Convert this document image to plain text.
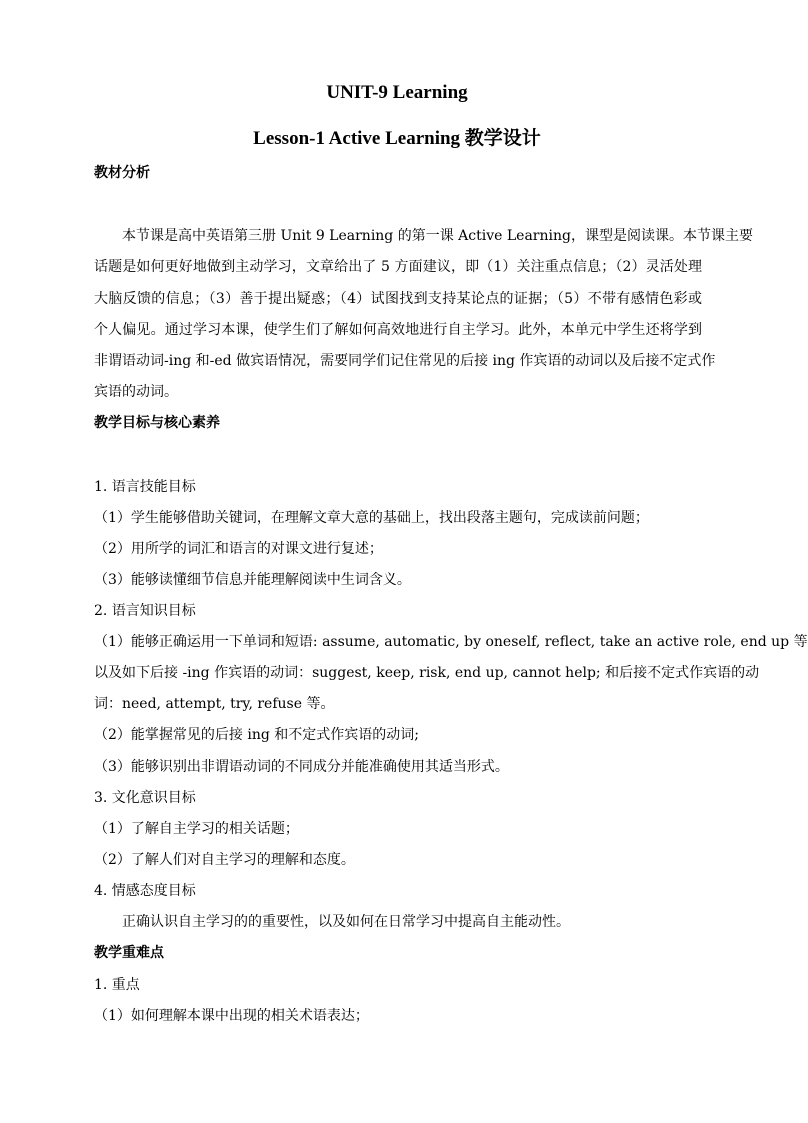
UNIT-9 Learning
Lesson-1 Active Learning 教学设计
教材分析
本节课是高中英语第三册 Unit 9 Learning 的第一课 Active Learning，课型是阅读课。本节课主要
话题是如何更好地做到主动学习，文章给出了 5 方面建议，即（1）关注重点信息；（2）灵活处理
大脑反馈的信息；（3）善于提出疑惑；（4）试图找到支持某论点的证据；（5）不带有感情色彩或
个人偏见。通过学习本课，使学生们了解如何高效地进行自主学习。此外，本单元中学生还将学到
非谓语动词-ing 和-ed 做宾语情况，需要同学们记住常见的后接 ing 作宾语的动词以及后接不定式作
宾语的动词。
教学目标与核心素养
1. 语言技能目标
（1）学生能够借助关键词，在理解文章大意的基础上，找出段落主题句，完成读前问题；
（2）用所学的词汇和语言的对课文进行复述；
（3）能够读懂细节信息并能理解阅读中生词含义。
2. 语言知识目标
（1）能够正确运用一下单词和短语: assume, automatic, by oneself, reflect, take an active role, end up 等
以及如下后接 -ing 作宾语的动词：suggest, keep, risk, end up, cannot help; 和后接不定式作宾语的动
词：need, attempt, try, refuse 等。
（2）能掌握常见的后接 ing 和不定式作宾语的动词;
（3）能够识别出非谓语动词的不同成分并能准确使用其适当形式。
3. 文化意识目标
（1）了解自主学习的相关话题；
（2）了解人们对自主学习的理解和态度。
4. 情感态度目标
正确认识自主学习的的重要性，以及如何在日常学习中提高自主能动性。
教学重难点
1. 重点
（1）如何理解本课中出现的相关术语表达；
